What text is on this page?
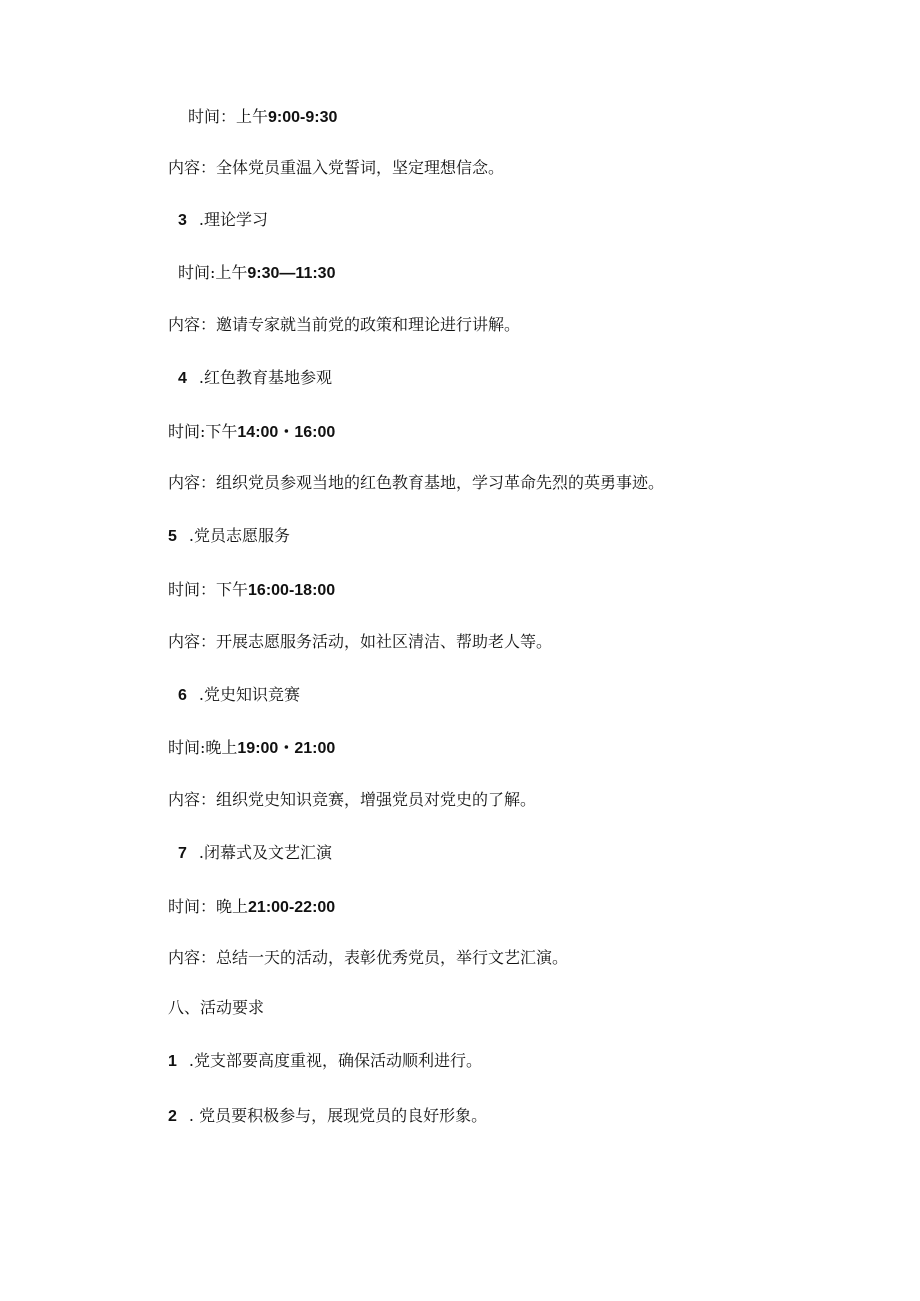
时间：上午9:00-9:30
内容：全体党员重温入党誓词，坚定理想信念。
3 .理论学习
时间:上午9:30—11:30
内容：邀请专家就当前党的政策和理论进行讲解。
4 .红色教育基地参观
时间:下午14:00・16:00
内容：组织党员参观当地的红色教育基地，学习革命先烈的英勇事迹。
5 .党员志愿服务
时间：下午16:00-18:00
内容：开展志愿服务活动，如社区清洁、帮助老人等。
6 .党史知识竞赛
时间:晚上19:00・21:00
内容：组织党史知识竞赛，增强党员对党史的了解。
7 .闭幕式及文艺汇演
时间：晚上21:00-22:00
内容：总结一天的活动，表彰优秀党员，举行文艺汇演。
八、活动要求
1 .党支部要高度重视，确保活动顺利进行。
2 . 党员要积极参与，展现党员的良好形象。
